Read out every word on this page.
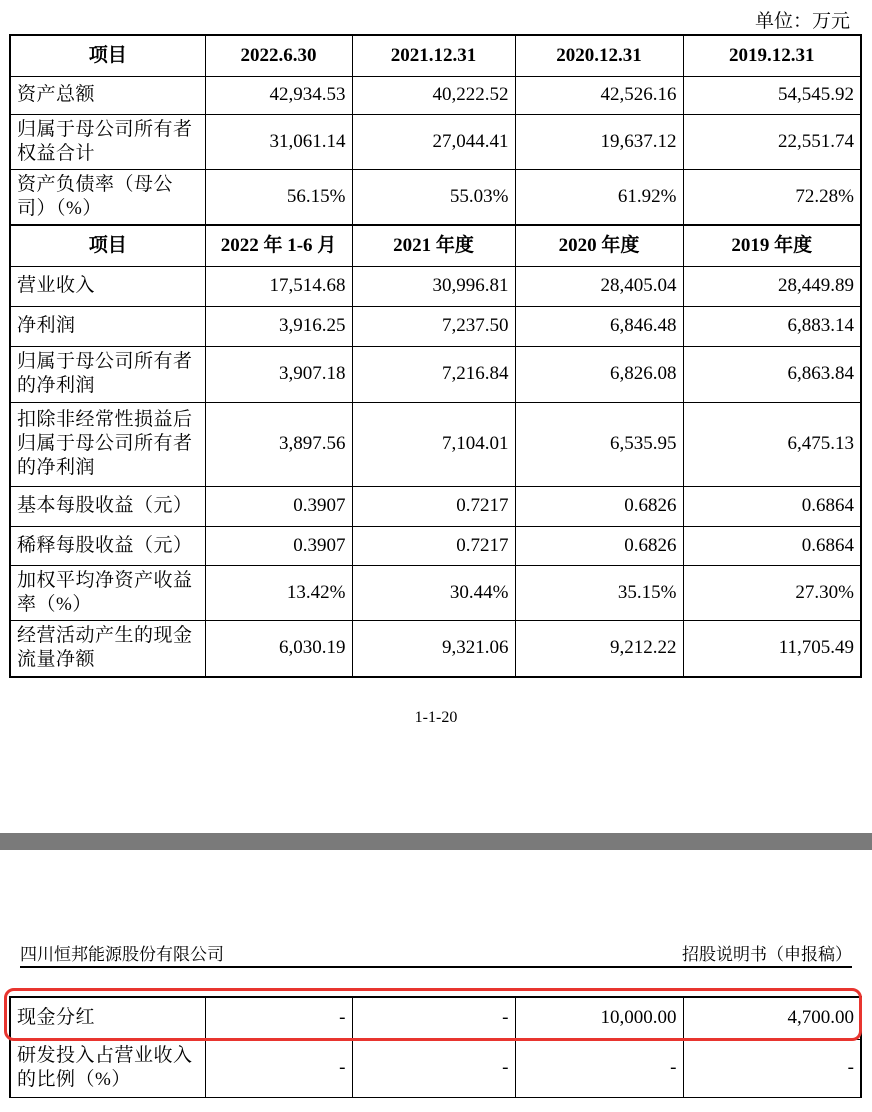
单位：万元
项目	2022.6.30	2021.12.31	2020.12.31	2019.12.31
资产总额	42,934.53	40,222.52	42,526.16	54,545.92
归属于母公司所有者权益合计	31,061.14	27,044.41	19,637.12	22,551.74
资产负债率（母公司）（%）	56.15%	55.03%	61.92%	72.28%
项目	2022 年 1-6 月	2021 年度	2020 年度	2019 年度
营业收入	17,514.68	30,996.81	28,405.04	28,449.89
净利润	3,916.25	7,237.50	6,846.48	6,883.14
归属于母公司所有者的净利润	3,907.18	7,216.84	6,826.08	6,863.84
扣除非经常性损益后归属于母公司所有者的净利润	3,897.56	7,104.01	6,535.95	6,475.13
基本每股收益（元）	0.3907	0.7217	0.6826	0.6864
稀释每股收益（元）	0.3907	0.7217	0.6826	0.6864
加权平均净资产收益率（%）	13.42%	30.44%	35.15%	27.30%
经营活动产生的现金流量净额	6,030.19	9,321.06	9,212.22	11,705.49
1-1-20
四川恒邦能源股份有限公司	招股说明书（申报稿）
现金分红	-	-	10,000.00	4,700.00
研发投入占营业收入的比例（%）	-	-	-	-
